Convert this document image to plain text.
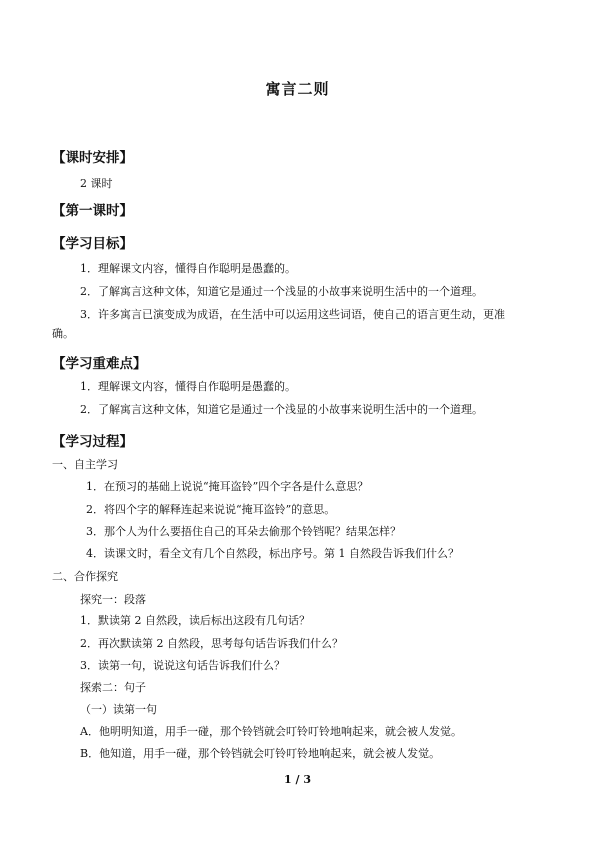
寓言二则
【课时安排】
2 课时
【第一课时】
【学习目标】
1．理解课文内容，懂得自作聪明是愚蠢的。
2．了解寓言这种文体，知道它是通过一个浅显的小故事来说明生活中的一个道理。
3．许多寓言已演变成为成语，在生活中可以运用这些词语，使自己的语言更生动，更准
确。
【学习重难点】
1．理解课文内容，懂得自作聪明是愚蠢的。
2．了解寓言这种文体，知道它是通过一个浅显的小故事来说明生活中的一个道理。
【学习过程】
一、自主学习
1．在预习的基础上说说“掩耳盗铃”四个字各是什么意思？
2．将四个字的解释连起来说说“掩耳盗铃”的意思。
3．那个人为什么要捂住自己的耳朵去偷那个铃铛呢？结果怎样？
4．读课文时，看全文有几个自然段，标出序号。第 1 自然段告诉我们什么？
二、合作探究
探究一：段落
1．默读第 2 自然段，读后标出这段有几句话？
2．再次默读第 2 自然段，思考每句话告诉我们什么？
3．读第一句，说说这句话告诉我们什么？
探索二：句子
（一）读第一句
A．他明明知道，用手一碰，那个铃铛就会叮铃叮铃地响起来，就会被人发觉。
B．他知道，用手一碰，那个铃铛就会叮铃叮铃地响起来，就会被人发觉。
1 / 3
